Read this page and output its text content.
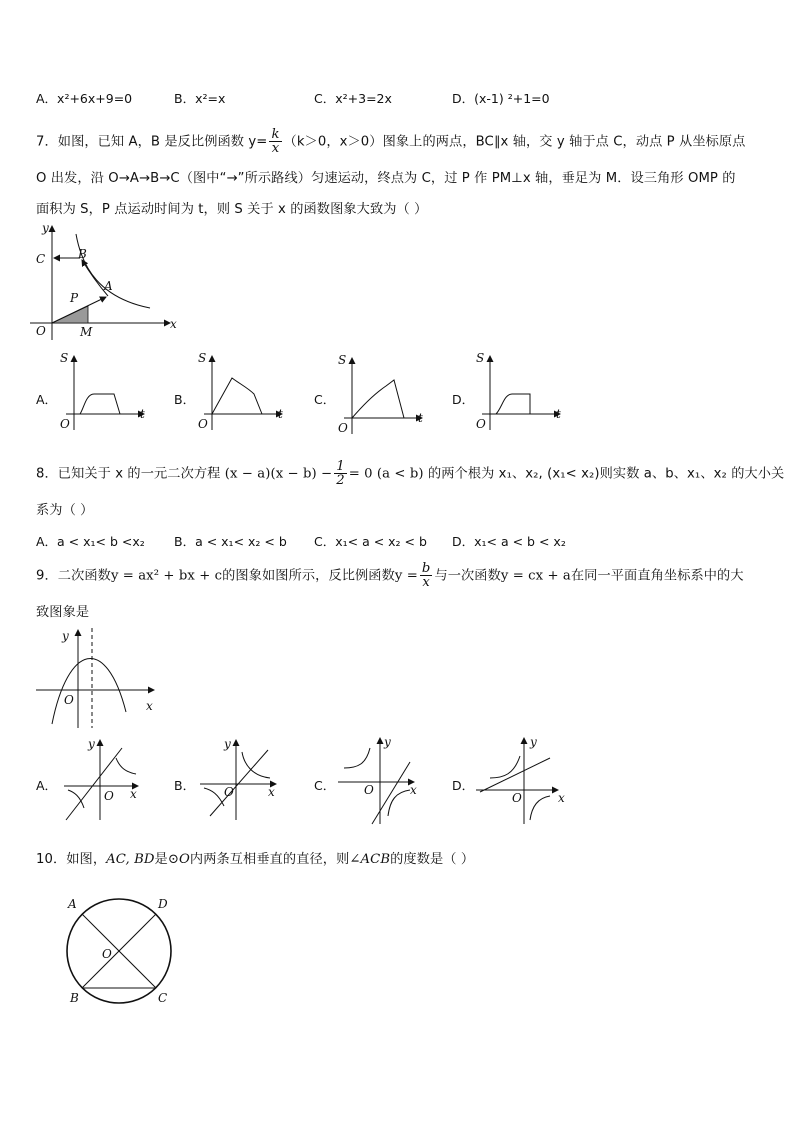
A．x²+6x+9=0	B．x²=x	C．x²+3=2x	D．(x-1) ²+1=0
7．如图，已知 A，B 是反比例函数 $y= \frac{k}{x} (k>0$，x＞0）图象上的两点，BC∥x 轴，交 y 轴于点 C，动点 P 从坐标原点
O 出发，沿 O→A→B→C（图中“→”所示路线）匀速运动，终点为 C，过 P 作 PM⊥x 轴，垂足为 M．设三角形 OMP 的
面积为 S，P 点运动时间为 t，则 S 关于 x 的函数图象大致为（ ）
y
x
O
C	B
A
P
M
A．
S
t
O
B．
S
t
O
C．
S
t
O
D．
S
t
O
8．已知关于 x 的一元二次方程 $(x - a)(x - b) - \frac{1}{2} = 0$ (a < b) 的两个根为 x₁、x₂, (x₁< x₂)则实数 a、b、x₁、x₂ 的大小关
系为（ ）
A．a < x₁< b <x₂ B．a < x₁< x₂ < b C．x₁< a < x₂ < b D．x₁< a < b < x₂
9．二次函数y = ax² + bx + c的图象如图所示，反比例函数$y = \frac{b}{x}$ 与一次函数y = cx + a在同一平面直角坐标系中的大
致图象是
y
x
O
A．
y
x
O
B．
y
x
O	C．
y
x
O	D．
y
x
O
10．如图，AC, BD是⊙O内两条互相垂直的直径，则∠ACB的度数是（ ）
A	D
O
B	C
